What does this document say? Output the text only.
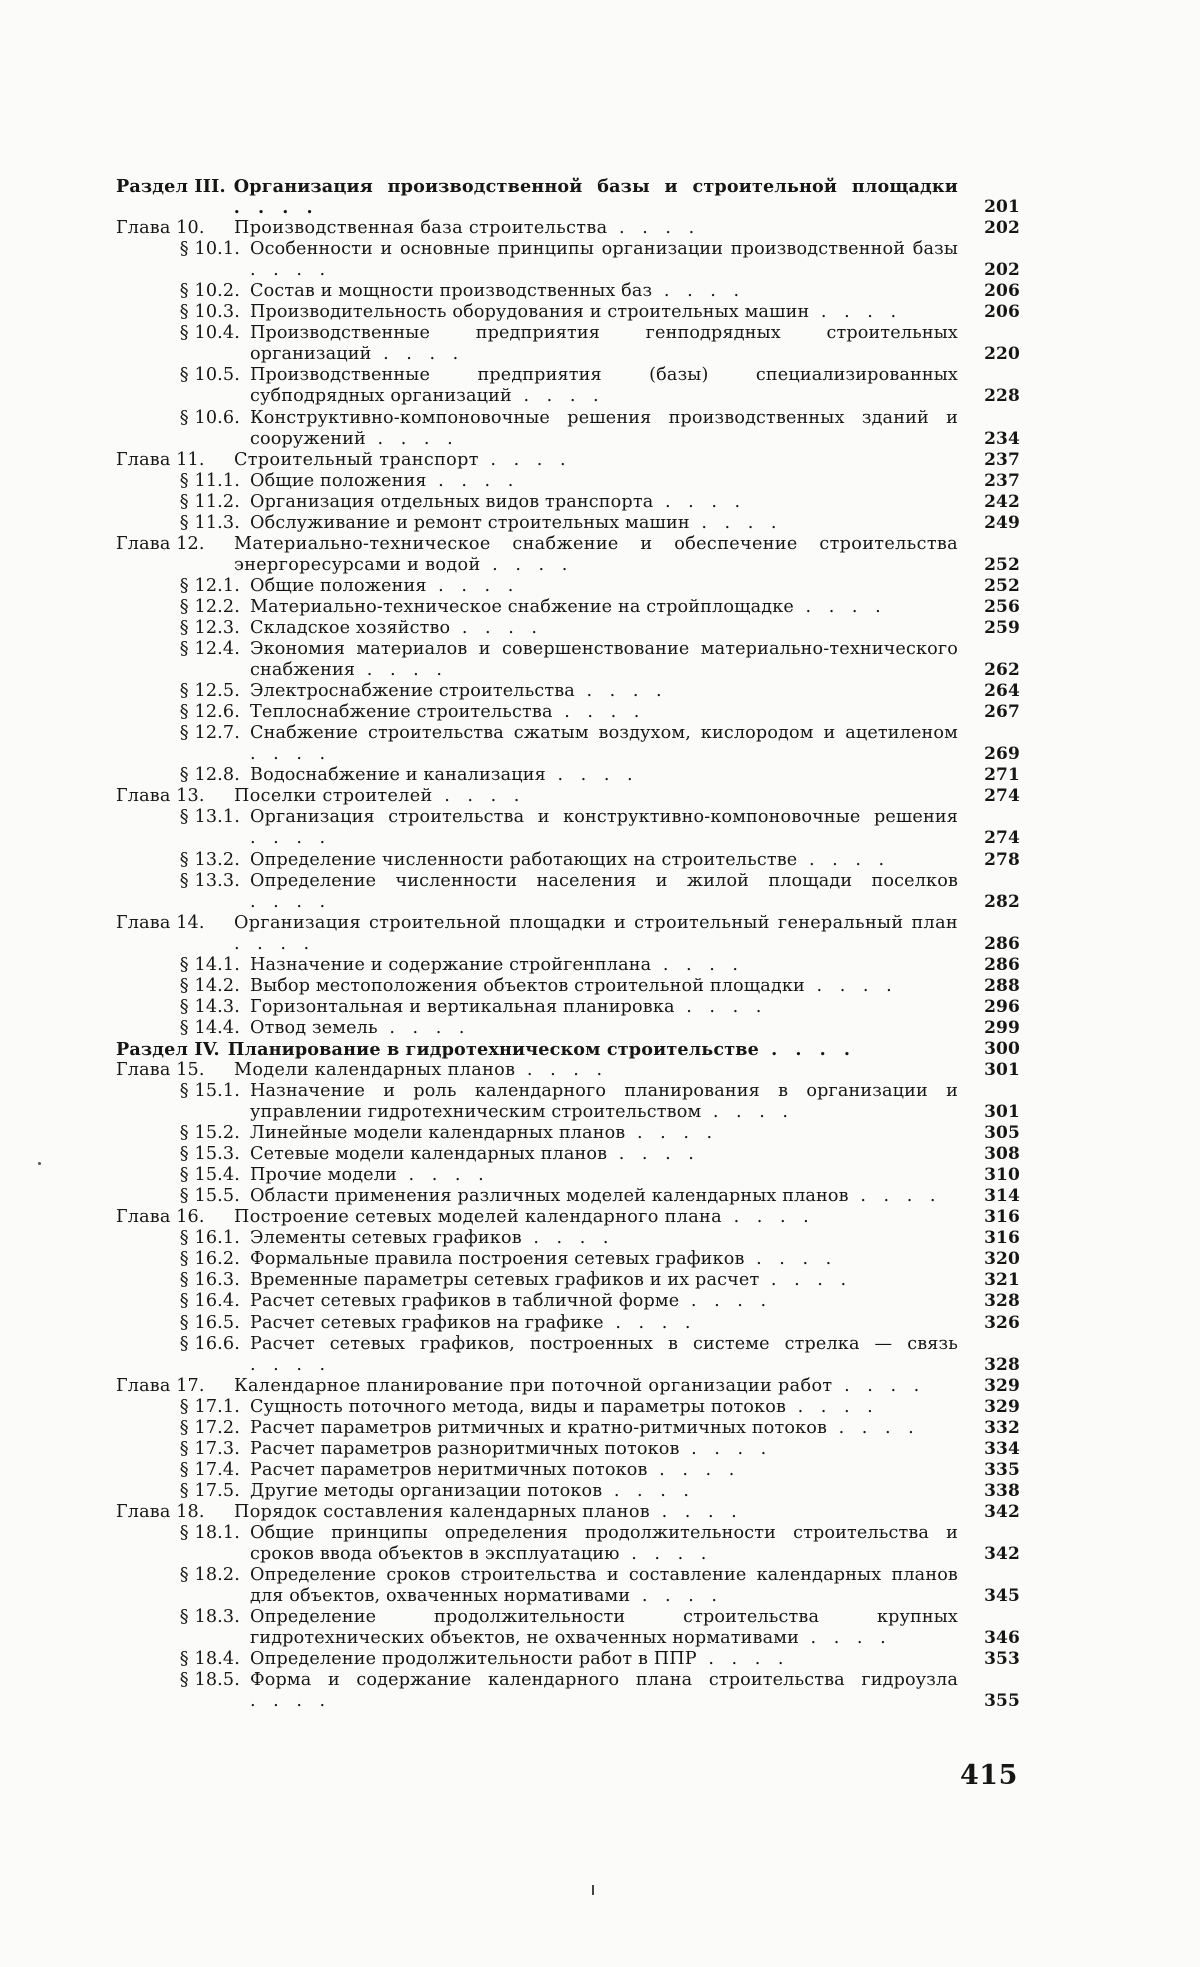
Раздел III. Организация производственной базы и строительной площадки . . . .	201
Глава 10.	Производственная база строительства . . . .	202
§ 10.1. Особенности и основные принципы организации производственной базы . . . .	202
§ 10.2. Состав и мощности производственных баз . . . .	206
§ 10.3. Производительность оборудования и строительных машин . . . .	206
§ 10.4. Производственные предприятия генподрядных строительных организаций . . . .	220
§ 10.5. Производственные предприятия (базы) специализированных субподрядных организаций . . . .	228
§ 10.6. Конструктивно-компоновочные решения производственных зданий и сооружений . . . .	234
Глава 11.	Строительный транспорт . . . .	237
§ 11.1. Общие положения . . . .	237
§ 11.2. Организация отдельных видов транспорта . . . .	242
§ 11.3. Обслуживание и ремонт строительных машин . . . .	249
Глава 12.	Материально-техническое снабжение и обеспечение строительства энергоресурсами и водой . . . .	252
§ 12.1. Общие положения . . . .	252
§ 12.2. Материально-техническое снабжение на стройплощадке . . . .	256
§ 12.3. Складское хозяйство . . . .	259
§ 12.4. Экономия материалов и совершенствование материально-технического снабжения . . . .	262
§ 12.5. Электроснабжение строительства . . . .	264
§ 12.6. Теплоснабжение строительства . . . .	267
§ 12.7. Снабжение строительства сжатым воздухом, кислородом и ацетиленом . . . .	269
§ 12.8. Водоснабжение и канализация . . . .	271
Глава 13.	Поселки строителей . . . .	274
§ 13.1. Организация строительства и конструктивно-компоновочные решения . . . .	274
§ 13.2. Определение численности работающих на строительстве . . . .	278
§ 13.3. Определение численности населения и жилой площади поселков . . . .	282
Глава 14.	Организация строительной площадки и строительный генеральный план . . . .	286
§ 14.1. Назначение и содержание стройгенплана . . . .	286
§ 14.2. Выбор местоположения объектов строительной площадки . . . .	288
§ 14.3. Горизонтальная и вертикальная планировка . . . .	296
§ 14.4. Отвод земель . . . .	299
Раздел IV. Планирование в гидротехническом строительстве . . . .	300
Глава 15.	Модели календарных планов . . . .	301
§ 15.1. Назначение и роль календарного планирования в организации и управлении гидротехническим строительством . . . .	301
§ 15.2. Линейные модели календарных планов . . . .	305
§ 15.3. Сетевые модели календарных планов . . . .	308
§ 15.4. Прочие модели . . . .	310
§ 15.5. Области применения различных моделей календарных планов . . . .	314
Глава 16.	Построение сетевых моделей календарного плана . . . .	316
§ 16.1. Элементы сетевых графиков . . . .	316
§ 16.2. Формальные правила построения сетевых графиков . . . .	320
§ 16.3. Временные параметры сетевых графиков и их расчет . . . .	321
§ 16.4. Расчет сетевых графиков в табличной форме . . . .	328
§ 16.5. Расчет сетевых графиков на графике . . . .	326
§ 16.6. Расчет сетевых графиков, построенных в системе стрелка — связь . . . .	328
Глава 17.	Календарное планирование при поточной организации работ . . . .	329
§ 17.1. Сущность поточного метода, виды и параметры потоков . . . .	329
§ 17.2. Расчет параметров ритмичных и кратно-ритмичных потоков . . . .	332
§ 17.3. Расчет параметров разноритмичных потоков . . . .	334
§ 17.4. Расчет параметров неритмичных потоков . . . .	335
§ 17.5. Другие методы организации потоков . . . .	338
Глава 18.	Порядок составления календарных планов . . . .	342
§ 18.1. Общие принципы определения продолжительности строительства и сроков ввода объектов в эксплуатацию . . . .	342
§ 18.2. Определение сроков строительства и составление календарных планов для объектов, охваченных нормативами . . . .	345
§ 18.3. Определение продолжительности строительства крупных гидротехнических объектов, не охваченных нормативами . . . .	346
§ 18.4. Определение продолжительности работ в ППР . . . .	353
§ 18.5. Форма и содержание календарного плана строительства гидроузла . . . .	355
415
